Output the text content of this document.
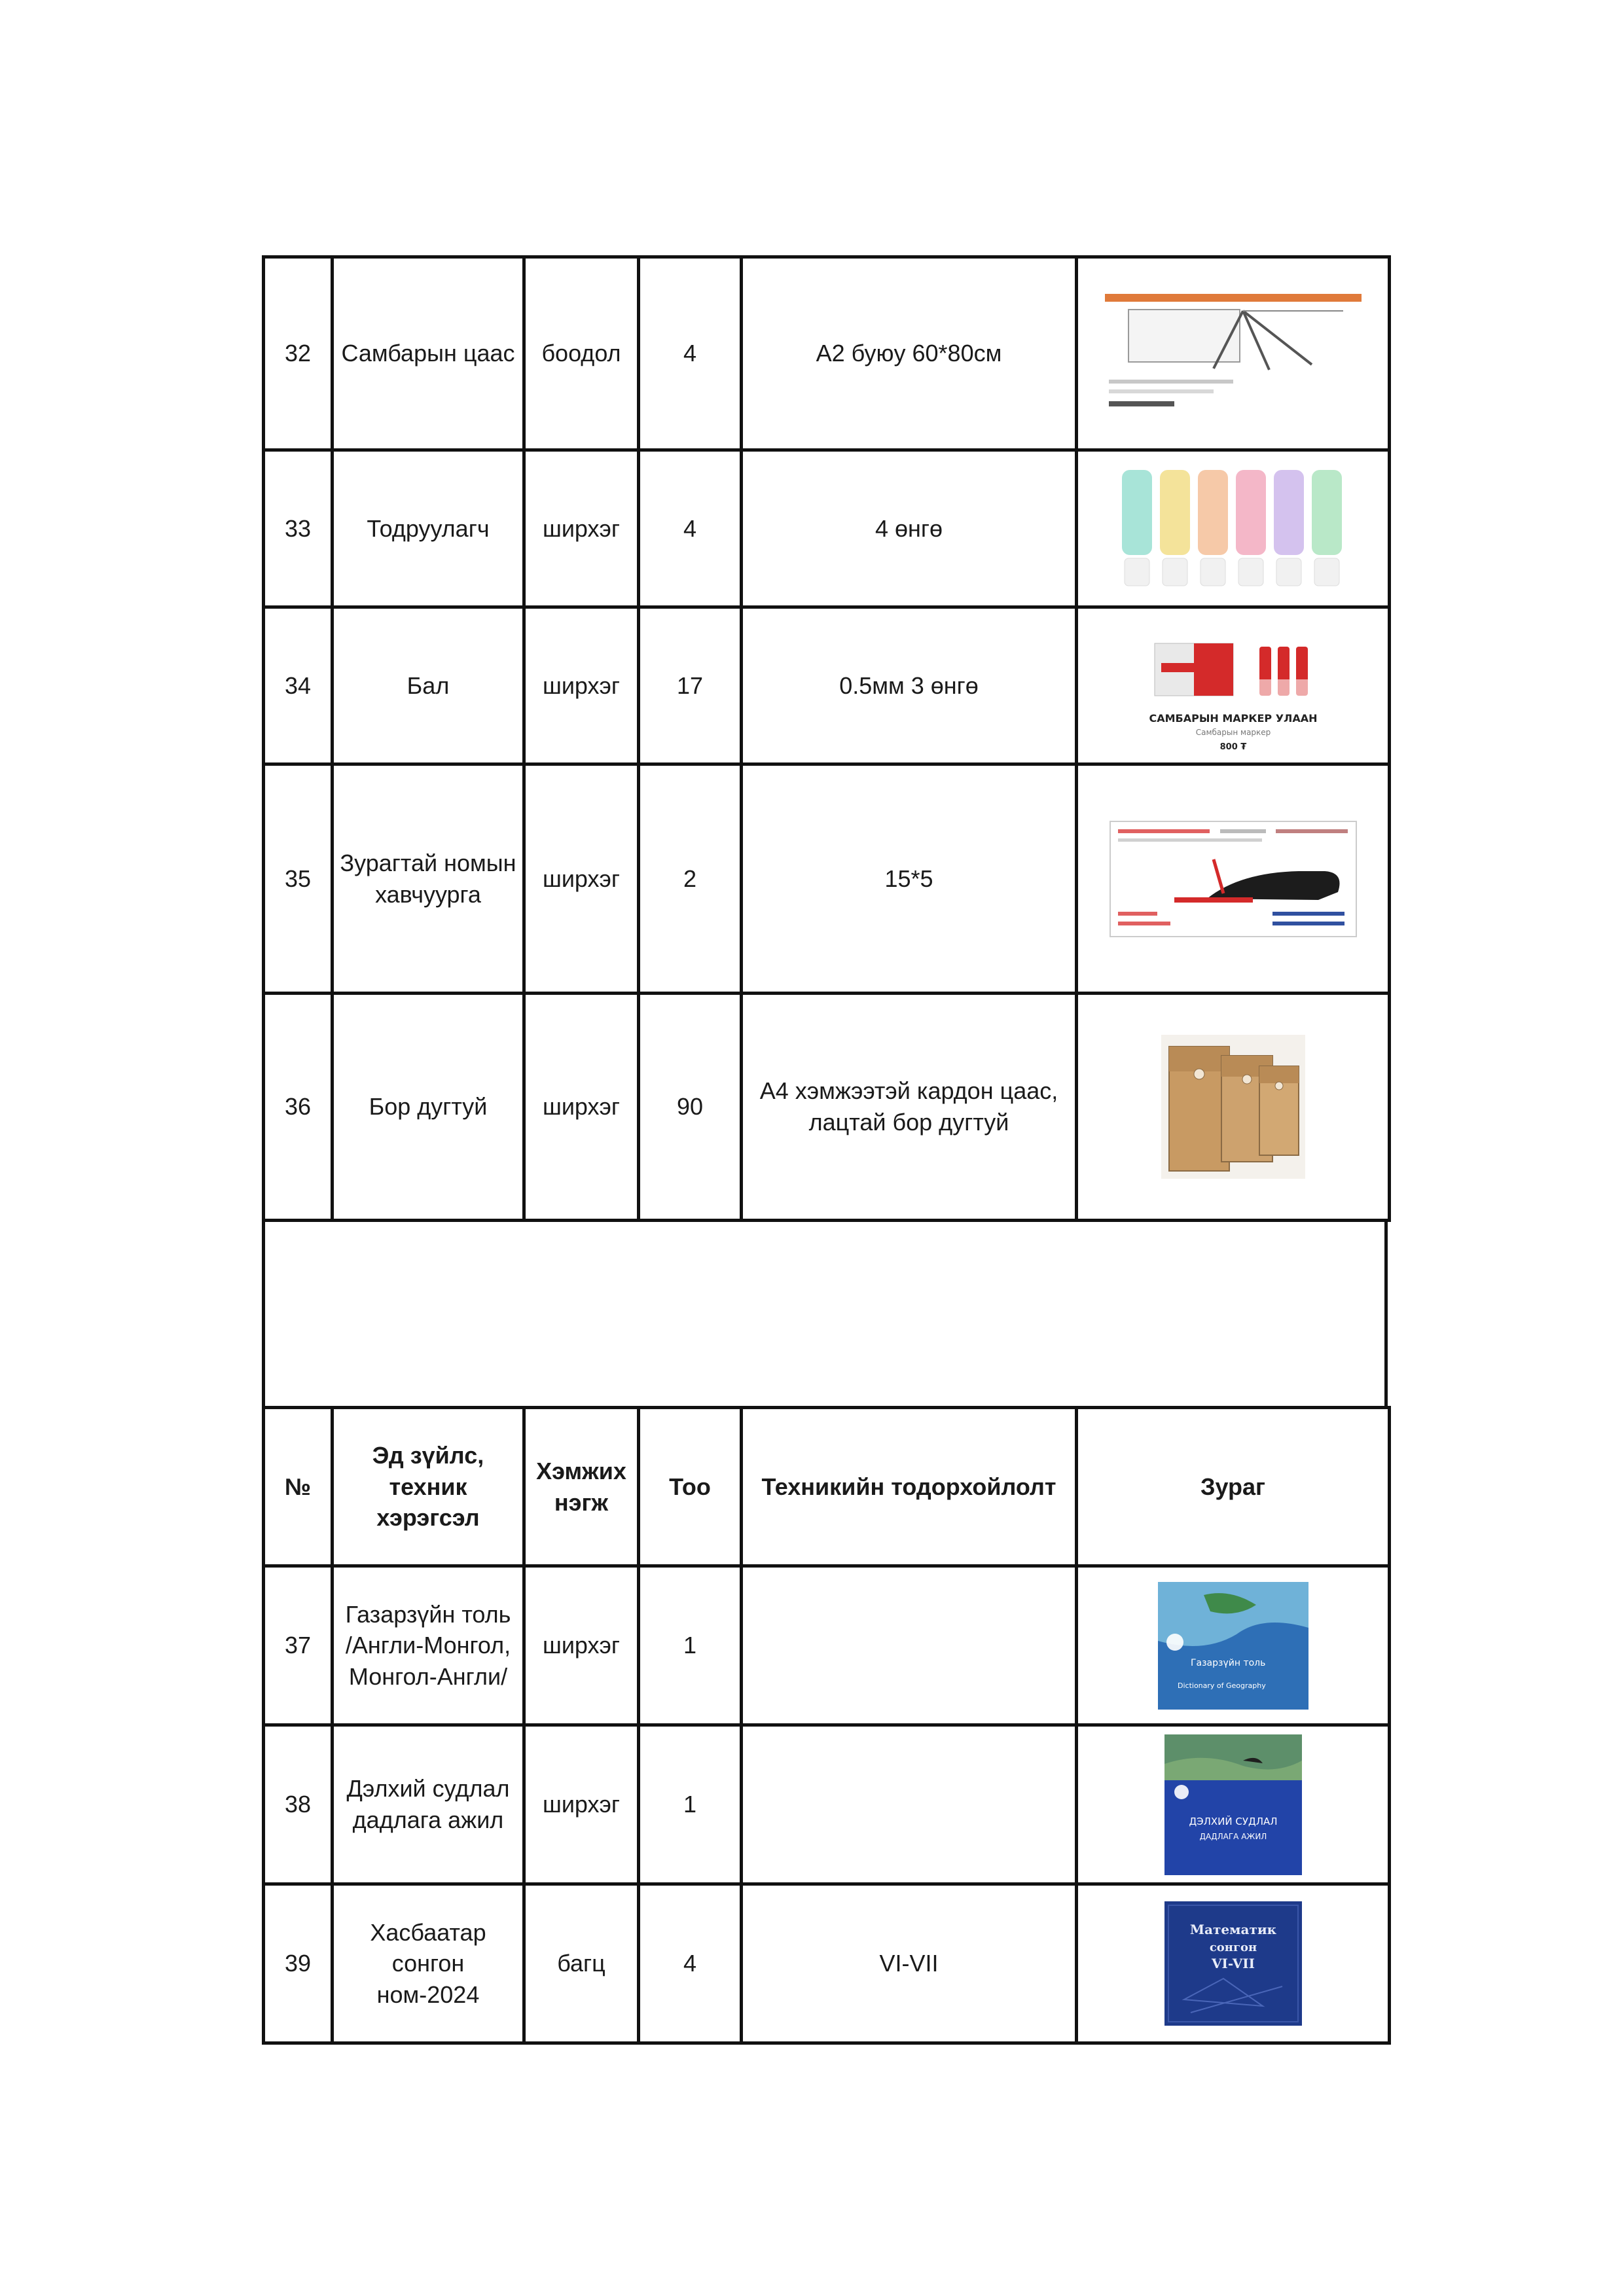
32	Самбарын цаас	боодол	4	А2 буюу 60*80см	

33	Тодруулагч	ширхэг	4	4 өнгө	

34	Бал	ширхэг	17	0.5мм 3 өнгө	САМБАРЫН МАРКЕР УЛААН
Самбарын маркер
800 ₮

35	Зурагтай номын хавчуурга	ширхэг	2	15*5	

36	Бор дугтуй	ширхэг	90	А4 хэмжээтэй кардон цаас, лацтай бор дугтуй	
№	Эд зүйлс, техник хэрэгсэл	Хэмжих нэгж	Тоо	Техникийн тодорхойлолт	Зураг
37	Газарзүйн толь /Англи-Монгол, Монгол-Англи/	ширхэг	1		Газарзүйн толь
Dictionary of Geography

38	Дэлхий судлал дадлага ажил	ширхэг	1		ДЭЛХИЙ СУДЛАЛ
ДАДЛАГА АЖИЛ

39	Хасбаатар сонгон ном-2024	багц	4	VI-VII	Математик
сонгон
VI-VII
